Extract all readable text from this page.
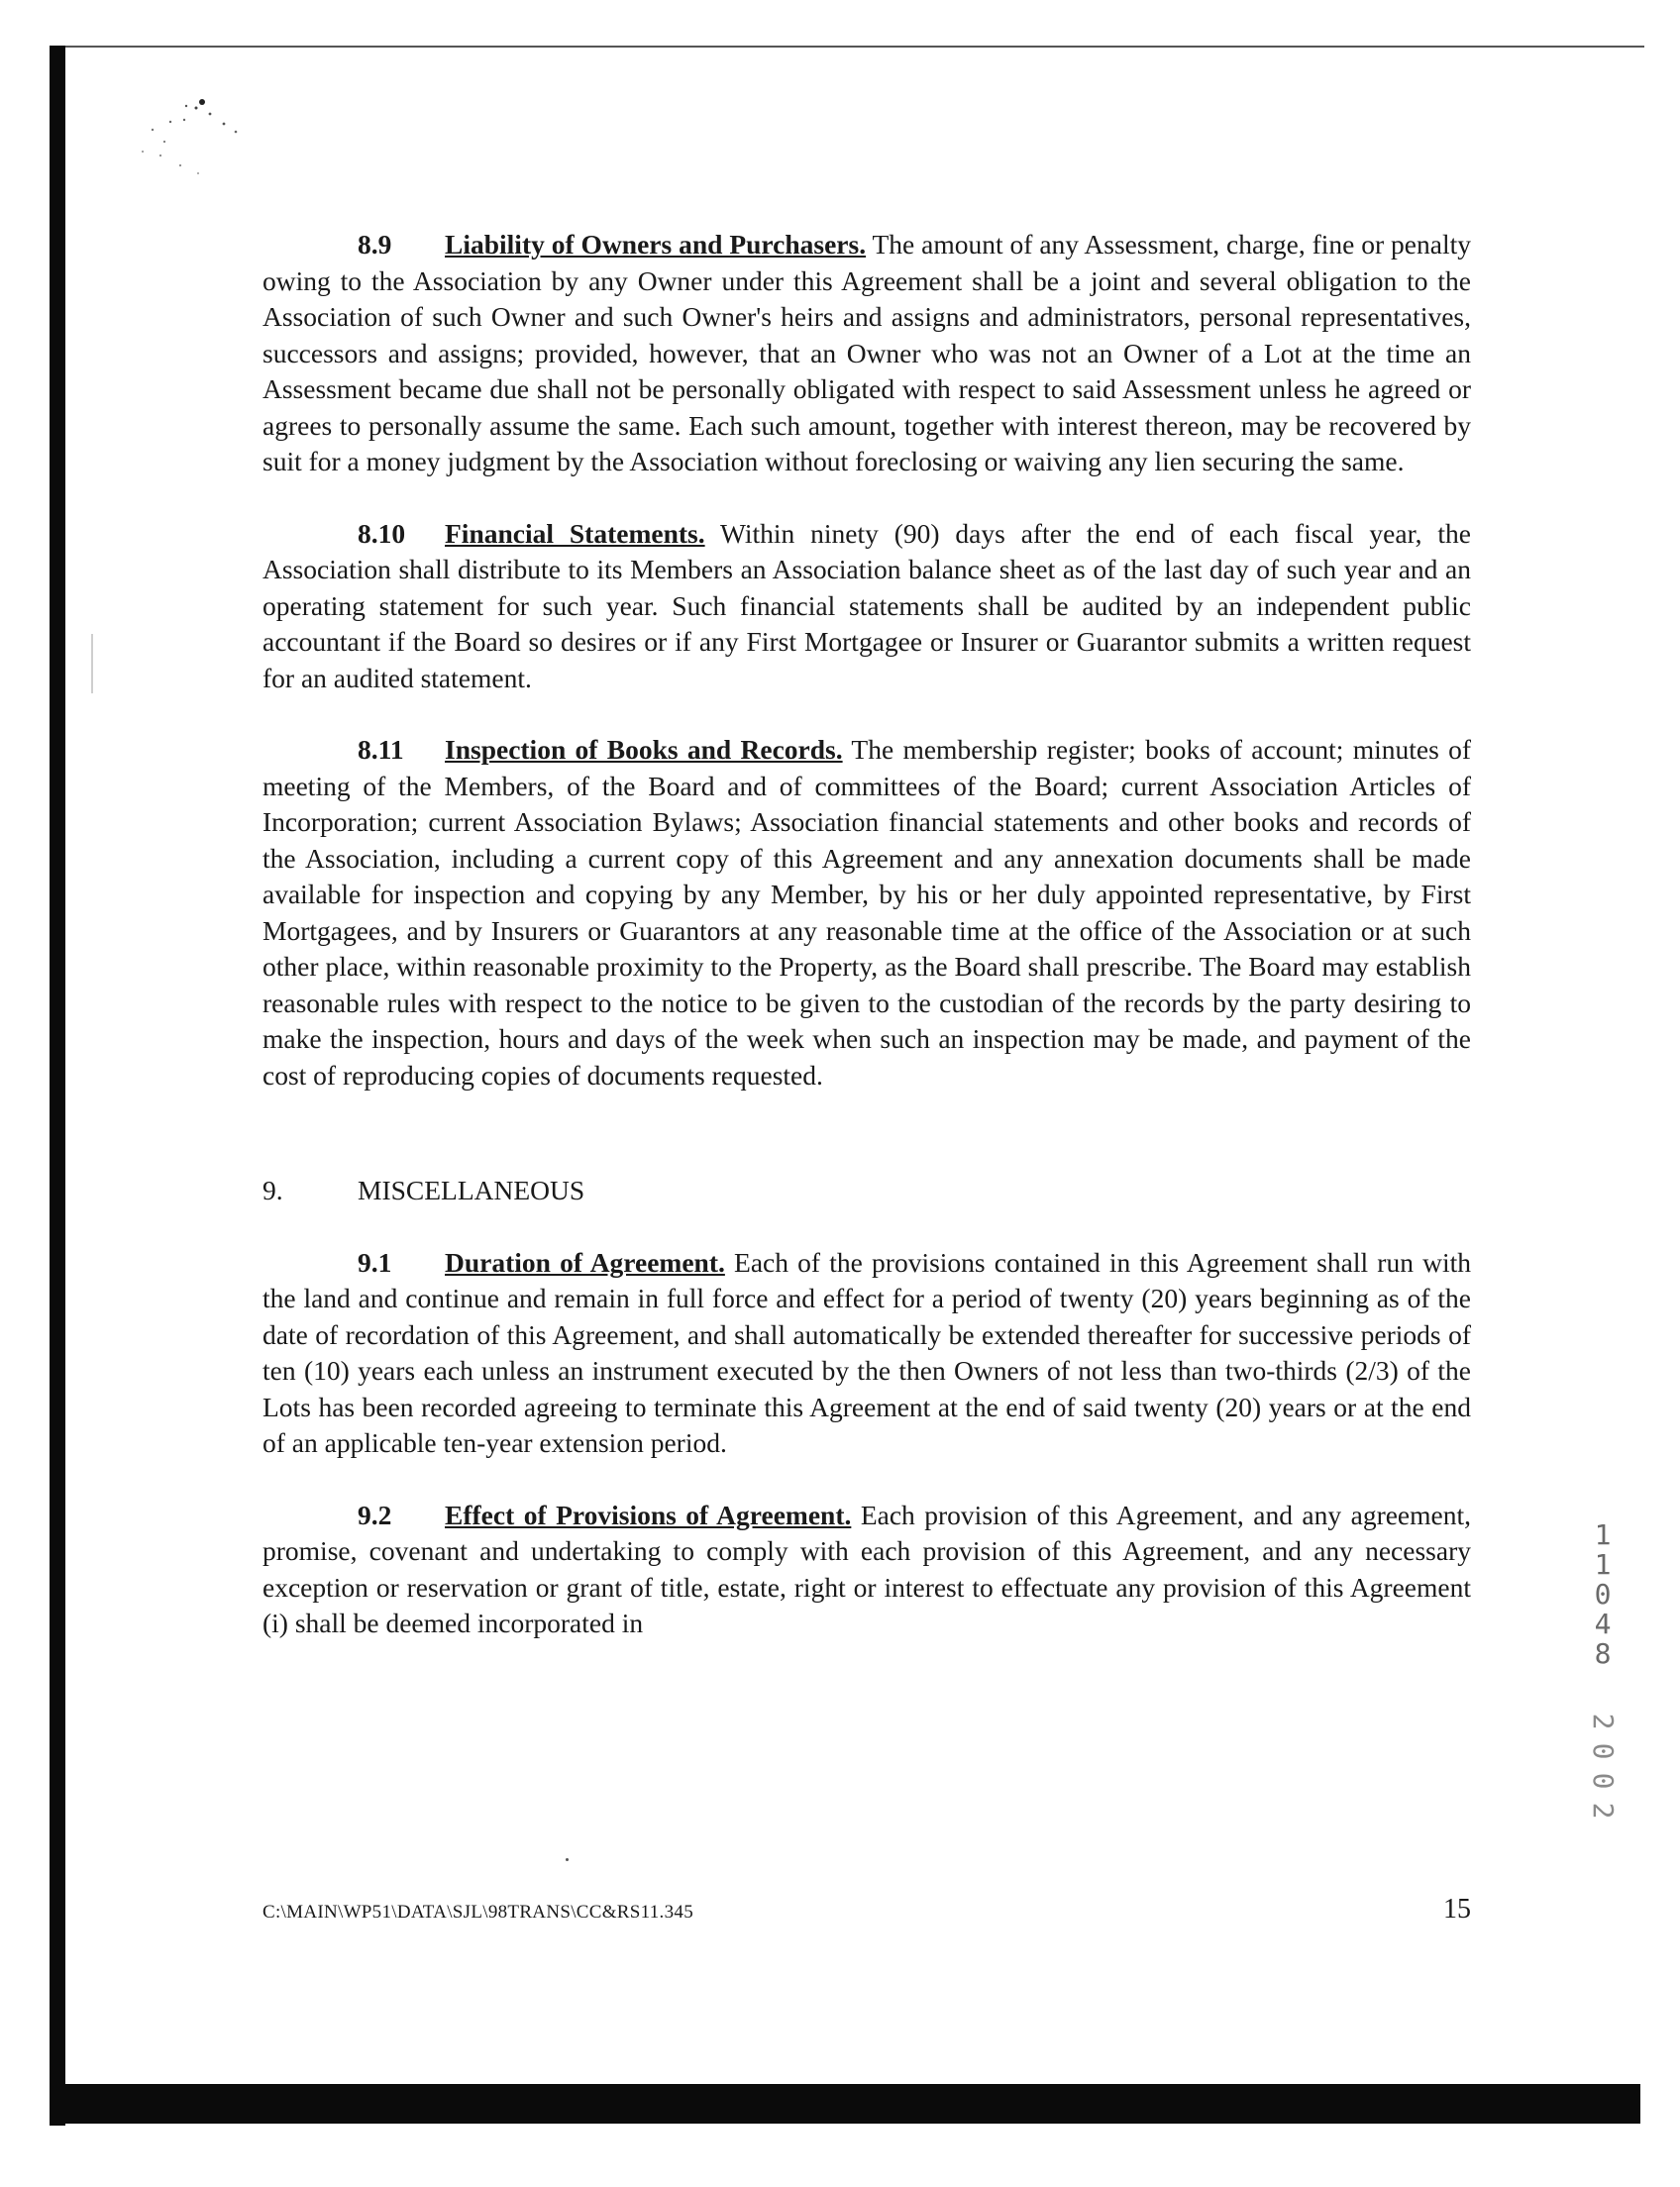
8.9 Liability of Owners and Purchasers. The amount of any Assessment, charge, fine or penalty owing to the Association by any Owner under this Agreement shall be a joint and several obligation to the Association of such Owner and such Owner's heirs and assigns and administrators, personal representatives, successors and assigns; provided, however, that an Owner who was not an Owner of a Lot at the time an Assessment became due shall not be personally obligated with respect to said Assessment unless he agreed or agrees to personally assume the same. Each such amount, together with interest thereon, may be recovered by suit for a money judgment by the Association without foreclosing or waiving any lien securing the same.

8.10 Financial Statements. Within ninety (90) days after the end of each fiscal year, the Association shall distribute to its Members an Association balance sheet as of the last day of such year and an operating statement for such year. Such financial statements shall be audited by an independent public accountant if the Board so desires or if any First Mortgagee or Insurer or Guarantor submits a written request for an audited statement.

8.11 Inspection of Books and Records. The membership register; books of account; minutes of meeting of the Members, of the Board and of committees of the Board; current Association Articles of Incorporation; current Association Bylaws; Association financial statements and other books and records of the Association, including a current copy of this Agreement and any annexation documents shall be made available for inspection and copying by any Member, by his or her duly appointed representative, by First Mortgagees, and by Insurers or Guarantors at any reasonable time at the office of the Association or at such other place, within reasonable proximity to the Property, as the Board shall prescribe. The Board may establish reasonable rules with respect to the notice to be given to the custodian of the records by the party desiring to make the inspection, hours and days of the week when such an inspection may be made, and payment of the cost of reproducing copies of documents requested.

9.	MISCELLANEOUS

9.1 Duration of Agreement. Each of the provisions contained in this Agreement shall run with the land and continue and remain in full force and effect for a period of twenty (20) years beginning as of the date of recordation of this Agreement, and shall automatically be extended thereafter for successive periods of ten (10) years each unless an instrument executed by the then Owners of not less than two-thirds (2/3) of the Lots has been recorded agreeing to terminate this Agreement at the end of said twenty (20) years or at the end of an applicable ten-year extension period.

9.2 Effect of Provisions of Agreement. Each provision of this Agreement, and any agreement, promise, covenant and undertaking to comply with each provision of this Agreement, and any necessary exception or reservation or grant of title, estate, right or interest to effectuate any provision of this Agreement (i) shall be deemed incorporated in

C:\MAIN\WP51\DATA\SJL\98TRANS\CC&RS11.345	15
1
1
0
4
8
2
0
0
2
